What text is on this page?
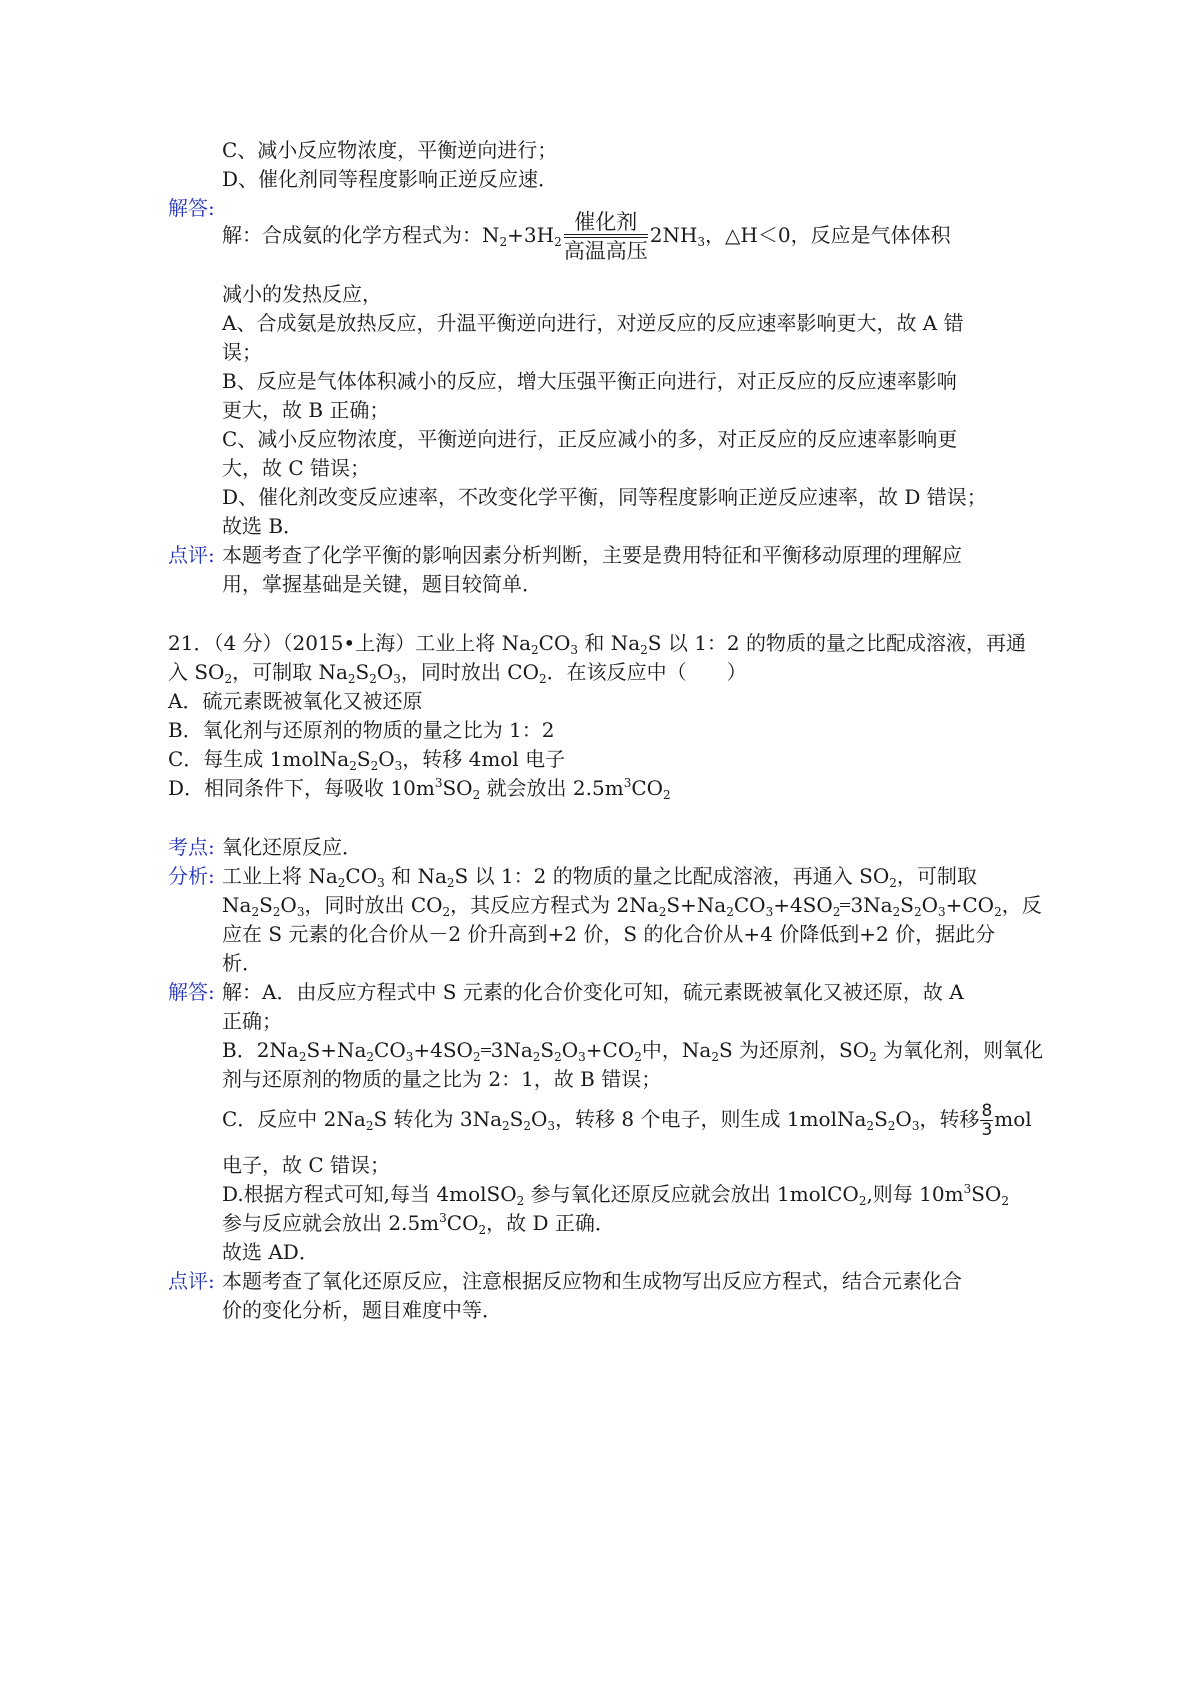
C、减小反应物浓度，平衡逆向进行；
D、催化剂同等程度影响正逆反应速．
解答:
解：合成氨的化学方程式为：$N_2+3H_2$
催化剂
高温高压
$2NH_3$，△H＜0，反应是气体体积
减小的发热反应，
A、合成氨是放热反应，升温平衡逆向进行，对逆反应的反应速率影响更大，故 A 错
误；
B、反应是气体体积减小的反应，增大压强平衡正向进行，对正反应的反应速率影响
更大，故 B 正确；
C、减小反应物浓度，平衡逆向进行，正反应减小的多，对正反应的反应速率影响更
大，故 C 错误；
D、催化剂改变反应速率，不改变化学平衡，同等程度影响正逆反应速率，故 D 错误；
故选 B．
点评: 本题考查了化学平衡的影响因素分析判断，主要是费用特征和平衡移动原理的理解应
用，掌握基础是关键，题目较简单．
21．（4 分）（2015•上海）工业上将 $Na_2CO_3$ 和 $Na_2S$ 以 1：2 的物质的量之比配成溶液，再通
入 $SO_2$，可制取 $Na_2S_2O_3$，同时放出 $CO_2$．在该反应中（　　）
A．硫元素既被氧化又被还原
B．氧化剂与还原剂的物质的量之比为 1：2
C．每生成 $1molNa_2S_2O_3$，转移 4mol 电子
D．相同条件下，每吸收 $10m^3SO_2$ 就会放出 $2.5m^3CO_2$
考点: 氧化还原反应．
分析: 工业上将 $Na_2CO_3$ 和 $Na_2S$ 以 1：2 的物质的量之比配成溶液，再通入 $SO_2$，可制取
$Na_2S_2O_3$，同时放出 $CO_2$，其反应方程式为 $2Na_2S+Na_2CO_3+4SO_2$ $3Na_2S_2O_3+CO_2$，反
应在 S 元素的化合价从－2 价升高到+2 价，S 的化合价从+4 价降低到+2 价，据此分
析．
解答: 解：A．由反应方程式中 S 元素的化合价变化可知，硫元素既被氧化又被还原，故 A
正确；
B．$2Na_2S+Na_2CO_3+4SO_2$ $3Na_2S_2O_3+CO_2$中，$Na_2S$ 为还原剂，$SO_2$ 为氧化剂，则氧化
剂与还原剂的物质的量之比为 2：1，故 B 错误；
C．反应中 $2Na_2S$ 转化为 $3Na_2S_2O_3$，转移 8 个电子，则生成 $1molNa_2S_2O_3$，转移 $\frac{8}{3}$ mol
电子，故 C 错误；
D.根据方程式可知,每当 4molSO$_2$ 参与氧化还原反应就会放出 1molCO$_2$,则每 $10m^3SO_2$
参与反应就会放出 $2.5m^3CO_2$，故 D 正确．
故选 AD．
点评: 本题考查了氧化还原反应，注意根据反应物和生成物写出反应方程式，结合元素化合
价的变化分析，题目难度中等．
